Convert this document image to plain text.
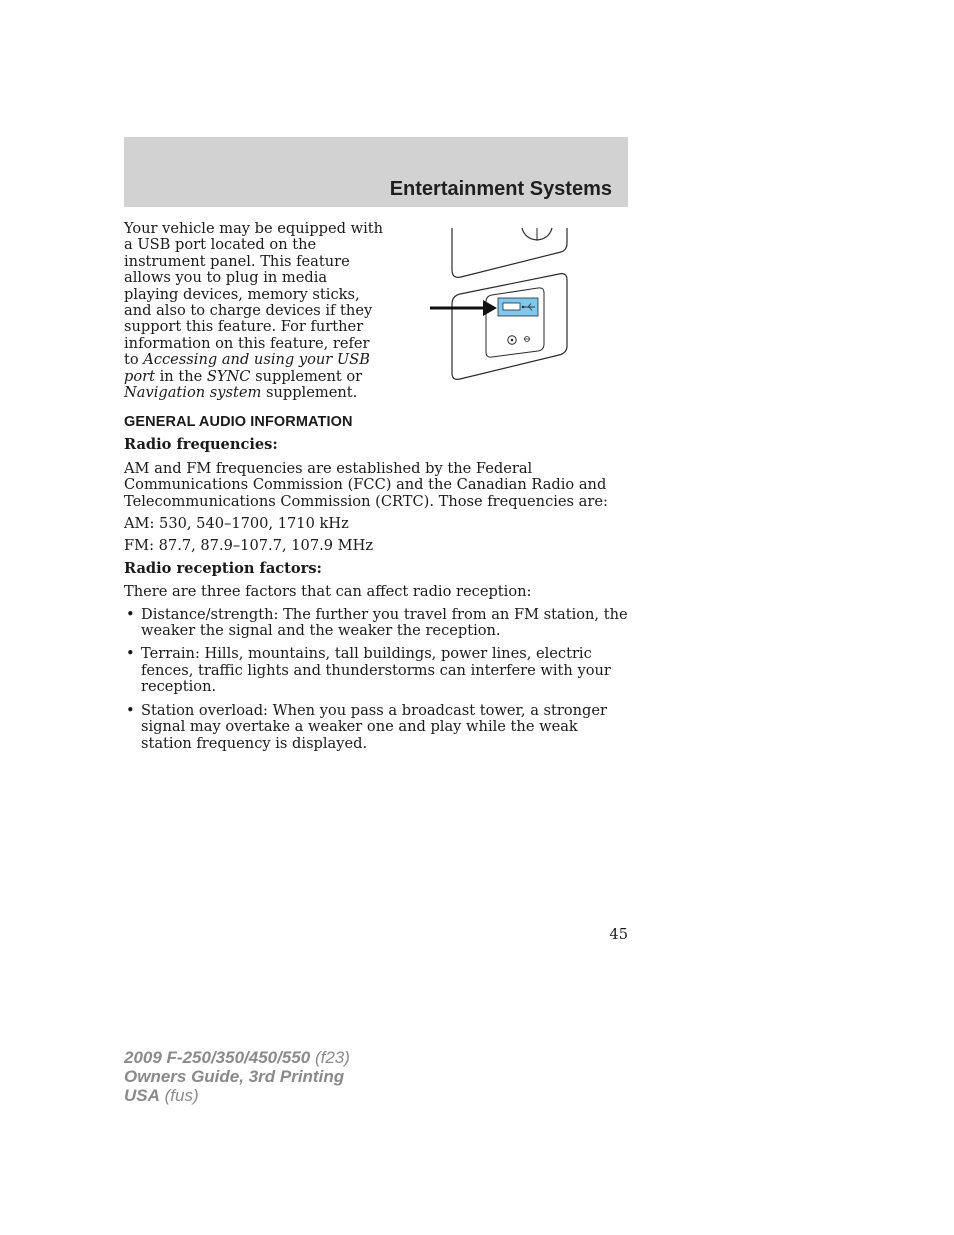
Entertainment Systems

Your vehicle may be equipped with a USB port located on the instrument panel. This feature allows you to plug in media playing devices, memory sticks, and also to charge devices if they support this feature. For further information on this feature, refer to Accessing and using your USB port in the SYNC supplement or Navigation system supplement.

GENERAL AUDIO INFORMATION
Radio frequencies:

AM and FM frequencies are established by the Federal Communications Commission (FCC) and the Canadian Radio and Telecommunications Commission (CRTC). Those frequencies are:

AM: 530, 540–1700, 1710 kHz

FM: 87.7, 87.9–107.7, 107.9 MHz

Radio reception factors:

There are three factors that can affect radio reception:

• Distance/strength: The further you travel from an FM station, the weaker the signal and the weaker the reception.
• Terrain: Hills, mountains, tall buildings, power lines, electric fences, traffic lights and thunderstorms can interfere with your reception.
• Station overload: When you pass a broadcast tower, a stronger signal may overtake a weaker one and play while the weak station frequency is displayed.
45
2009 F-250/350/450/550 (f23)
Owners Guide, 3rd Printing
USA (fus)
